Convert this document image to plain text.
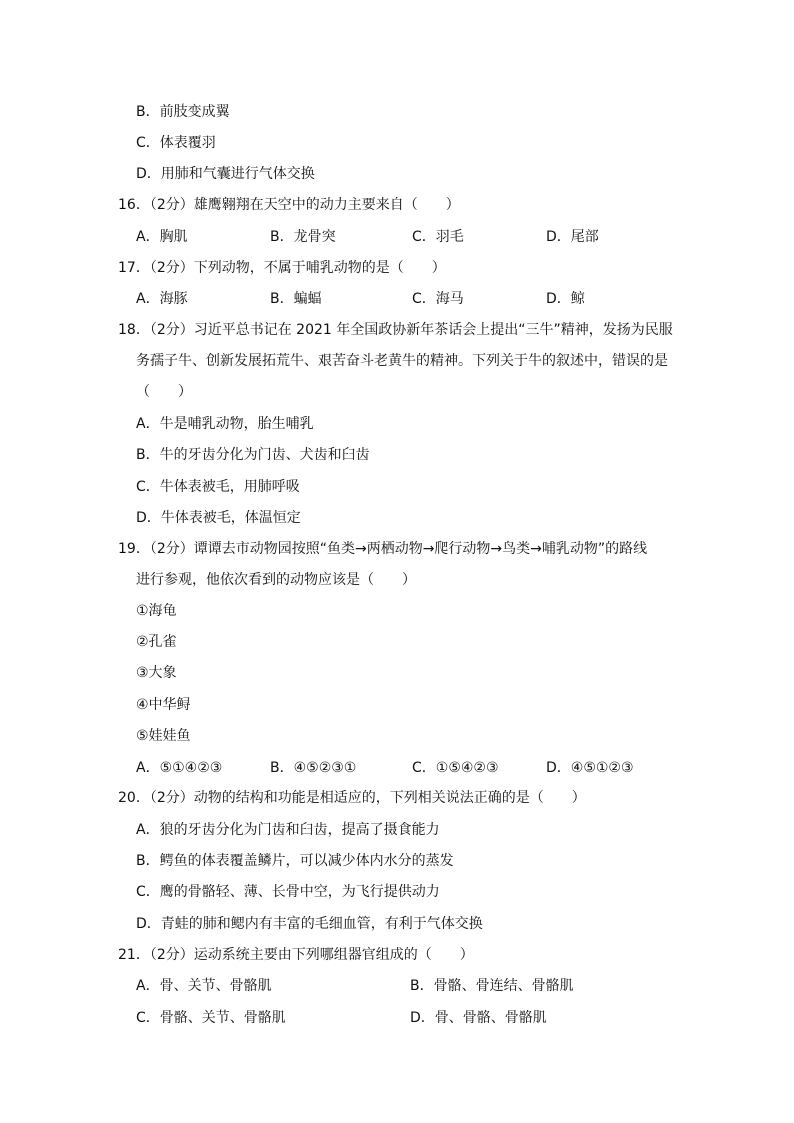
B．前肢变成翼
C．体表覆羽
D．用肺和气囊进行气体交换
16．（2分）雄鹰翱翔在天空中的动力主要来自（　　）
A．胸肌	B．龙骨突	C．羽毛	D．尾部
17．（2分）下列动物，不属于哺乳动物的是（　　）
A．海豚	B．蝙蝠	C．海马	D．鲸
18．（2分）习近平总书记在 2021 年全国政协新年茶话会上提出“三牛”精神，发扬为民服
务孺子牛、创新发展拓荒牛、艰苦奋斗老黄牛的精神。下列关于牛的叙述中，错误的是
（　　）
A．牛是哺乳动物，胎生哺乳
B．牛的牙齿分化为门齿、犬齿和臼齿
C．牛体表被毛，用肺呼吸
D．牛体表被毛，体温恒定
19．（2分）谭谭去市动物园按照“鱼类→两栖动物→爬行动物→鸟类→哺乳动物”的路线
进行参观，他依次看到的动物应该是（　　）
①海龟
②孔雀
③大象
④中华鲟
⑤娃娃鱼
A．⑤①④②③	B．④⑤②③①	C．①⑤④②③	D．④⑤①②③
20．（2分）动物的结构和功能是相适应的，下列相关说法正确的是（　　）
A．狼的牙齿分化为门齿和臼齿，提高了摄食能力
B．鳄鱼的体表覆盖鳞片，可以减少体内水分的蒸发
C．鹰的骨骼轻、薄、长骨中空，为飞行提供动力
D．青蛙的肺和鳃内有丰富的毛细血管，有利于气体交换
21．（2分）运动系统主要由下列哪组器官组成的（　　）
A．骨、关节、骨骼肌	B．骨骼、骨连结、骨骼肌
C．骨骼、关节、骨骼肌	D．骨、骨骼、骨骼肌
